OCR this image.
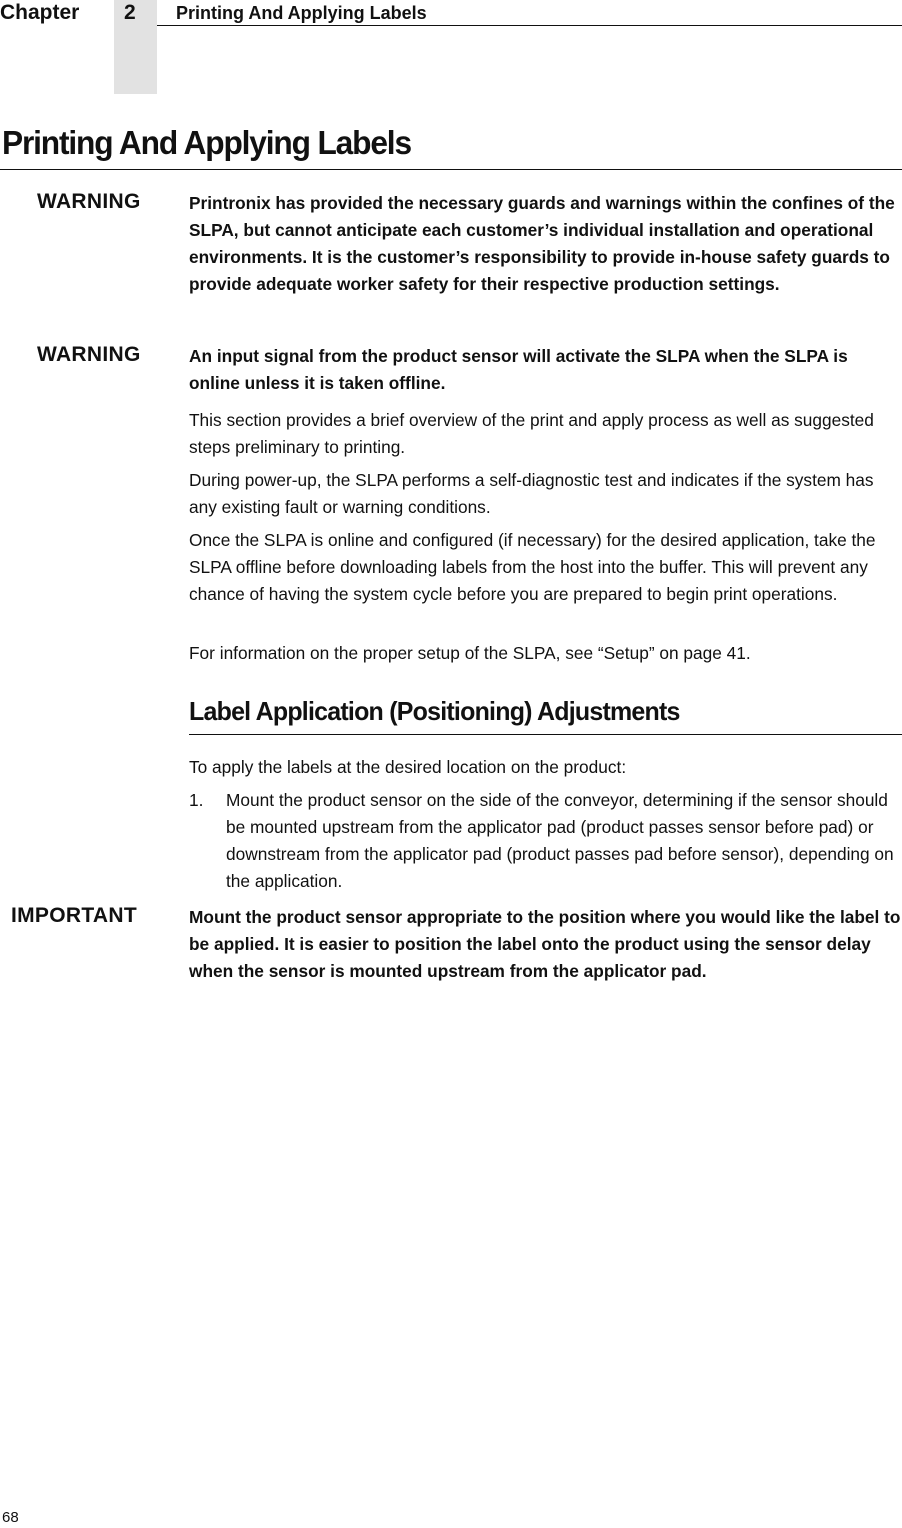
Chapter 2 Printing And Applying Labels
Printing And Applying Labels
WARNING	Printronix has provided the necessary guards and warnings within the confines of the SLPA, but cannot anticipate each customer’s individual installation and operational environments. It is the customer’s responsibility to provide in-house safety guards to provide adequate worker safety for their respective production settings.
WARNING	An input signal from the product sensor will activate the SLPA when the SLPA is online unless it is taken offline.

This section provides a brief overview of the print and apply process as well as suggested steps preliminary to printing.

During power-up, the SLPA performs a self-diagnostic test and indicates if the system has any existing fault or warning conditions.

Once the SLPA is online and configured (if necessary) for the desired application, take the SLPA offline before downloading labels from the host into the buffer. This will prevent any chance of having the system cycle before you are prepared to begin print operations.

For information on the proper setup of the SLPA, see “Setup” on page 41.

Label Application (Positioning) Adjustments

To apply the labels at the desired location on the product:

1. Mount the product sensor on the side of the conveyor, determining if the sensor should be mounted upstream from the applicator pad (product passes sensor before pad) or downstream from the applicator pad (product passes pad before sensor), depending on the application.
IMPORTANT	Mount the product sensor appropriate to the position where you would like the label to be applied. It is easier to position the label onto the product using the sensor delay when the sensor is mounted upstream from the applicator pad.
68
